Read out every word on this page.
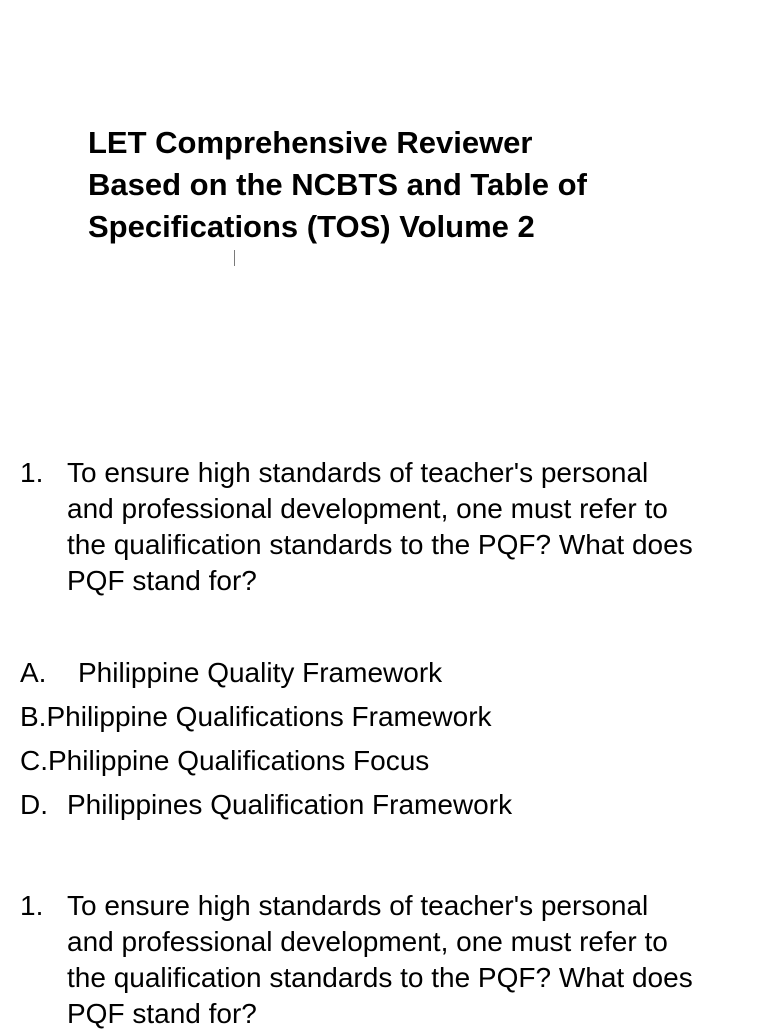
LET Comprehensive Reviewer
Based on the NCBTS and Table of
Specifications (TOS) Volume 2
1. To ensure high standards of teacher's personal
and professional development, one must refer to
the qualification standards to the PQF? What does
PQF stand for?
A. Philippine Quality Framework
B.Philippine Qualifications Framework
C.Philippine Qualifications Focus
D. Philippines Qualification Framework
1. To ensure high standards of teacher's personal
and professional development, one must refer to
the qualification standards to the PQF? What does
PQF stand for?
